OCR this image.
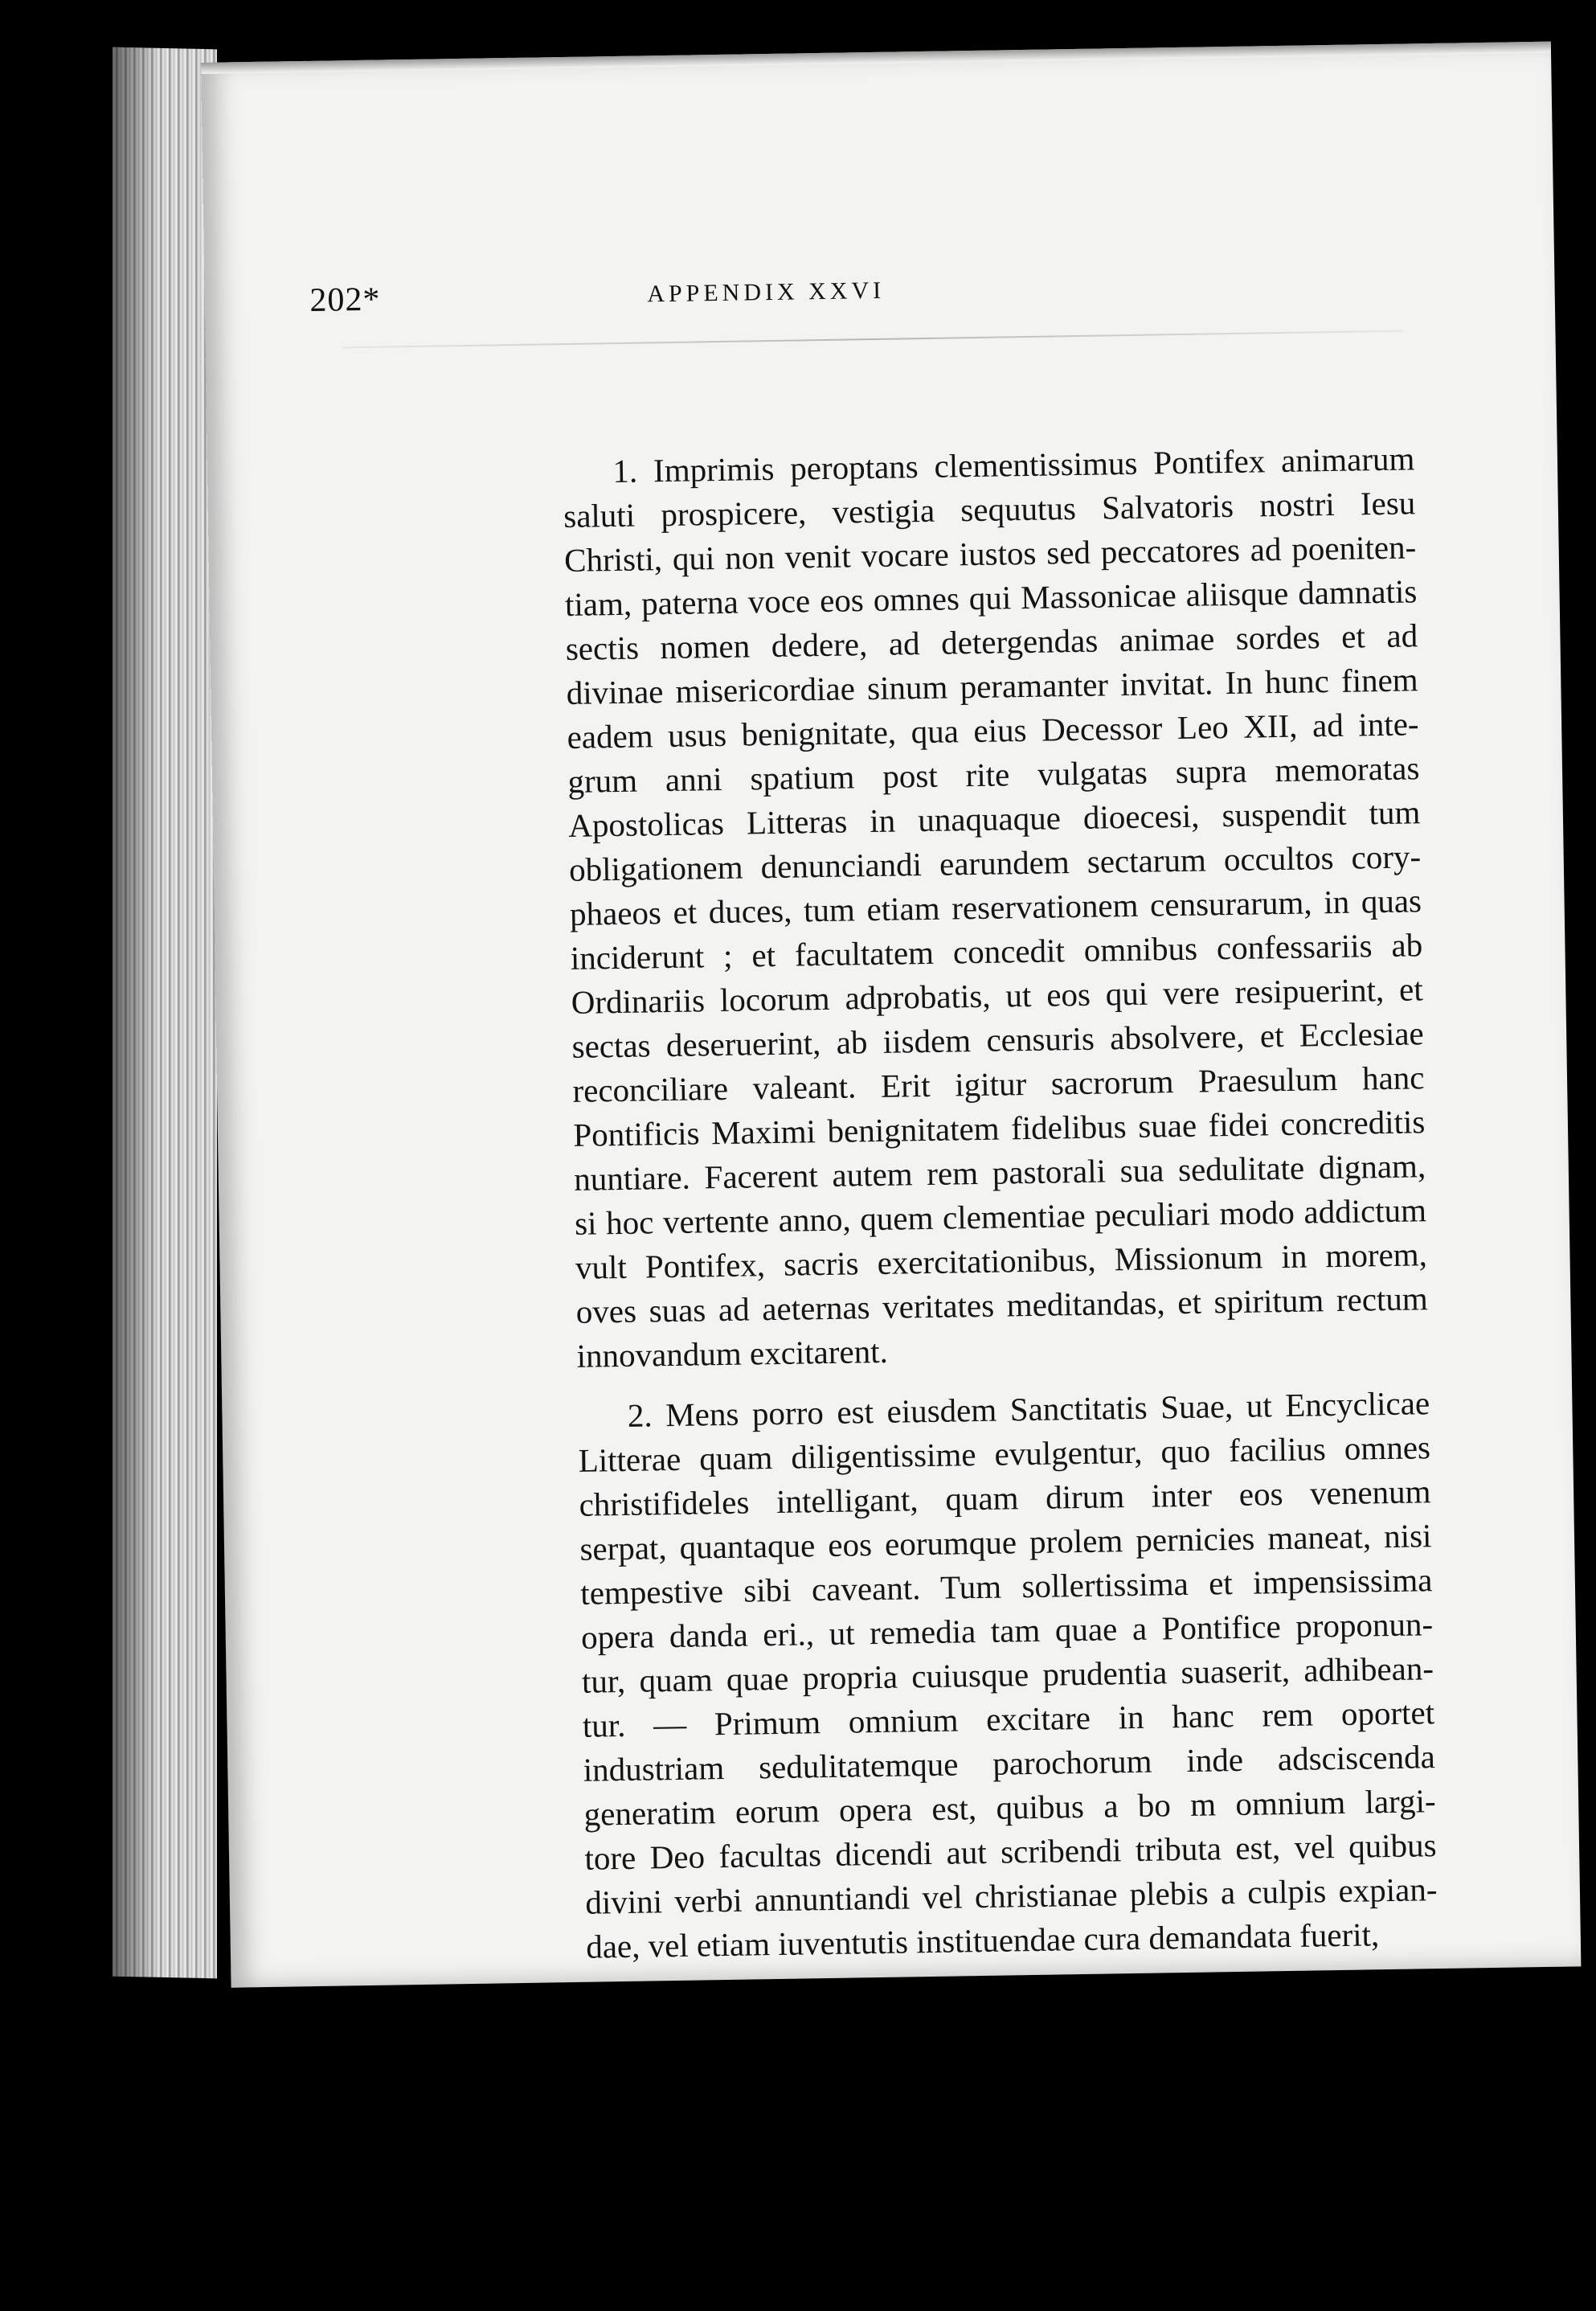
202*	APPENDIX XXVI
1. Imprimis peroptans clementissimus Pontifex animarum
saluti prospicere, vestigia sequutus Salvatoris nostri Iesu
Christi, qui non venit vocare iustos sed peccatores ad poeniten-
tiam, paterna voce eos omnes qui Massonicae aliisque damnatis
sectis nomen dedere, ad detergendas animae sordes et ad
divinae misericordiae sinum peramanter invitat. In hunc finem
eadem usus benignitate, qua eius Decessor Leo XII, ad inte-
grum anni spatium post rite vulgatas supra memoratas
Apostolicas Litteras in unaquaque dioecesi, suspendit tum
obligationem denunciandi earundem sectarum occultos cory-
phaeos et duces, tum etiam reservationem censurarum, in quas
inciderunt ; et facultatem concedit omnibus confessariis ab
Ordinariis locorum adprobatis, ut eos qui vere resipuerint, et
sectas deseruerint, ab iisdem censuris absolvere, et Ecclesiae
reconciliare valeant. Erit igitur sacrorum Praesulum hanc
Pontificis Maximi benignitatem fidelibus suae fidei concreditis
nuntiare. Facerent autem rem pastorali sua sedulitate dignam,
si hoc vertente anno, quem clementiae peculiari modo addictum
vult Pontifex, sacris exercitationibus, Missionum in morem,
oves suas ad aeternas veritates meditandas, et spiritum rectum
innovandum excitarent.
2. Mens porro est eiusdem Sanctitatis Suae, ut Encyclicae
Litterae quam diligentissime evulgentur, quo facilius omnes
christifideles intelligant, quam dirum inter eos venenum
serpat, quantaque eos eorumque prolem pernicies maneat, nisi
tempestive sibi caveant. Tum sollertissima et impensissima
opera danda eri., ut remedia tam quae a Pontifice proponun-
tur, quam quae propria cuiusque prudentia suaserit, adhibean-
tur. — Primum omnium excitare in hanc rem oportet
industriam sedulitatemque parochorum inde adsciscenda
generatim eorum opera est, quibus a bo m omnium largi-
tore Deo facultas dicendi aut scribendi tributa est, vel quibus
divini verbi annuntiandi vel christianae plebis a culpis expian-
dae, vel etiam iuventutis instituendae cura demandata fuerit,
